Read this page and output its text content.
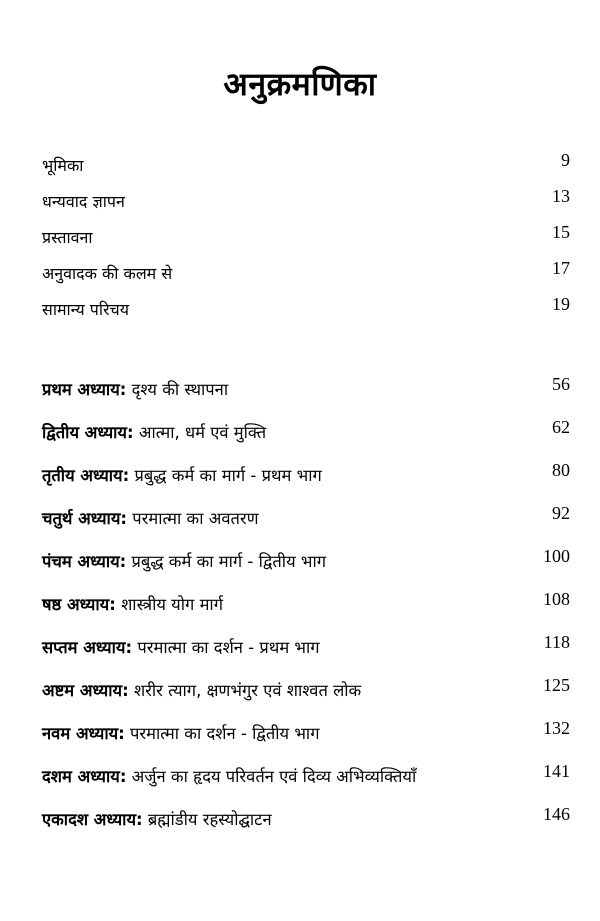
अनुक्रमणिका
भूमिका	9
धन्यवाद ज्ञापन	13
प्रस्तावना	15
अनुवादक की कलम से	17
सामान्य परिचय	19
प्रथम अध्याय: दृश्य की स्थापना	56
द्वितीय अध्याय: आत्मा, धर्म एवं मुक्ति	62
तृतीय अध्याय: प्रबुद्ध कर्म का मार्ग - प्रथम भाग	80
चतुर्थ अध्याय: परमात्मा का अवतरण	92
पंचम अध्याय: प्रबुद्ध कर्म का मार्ग - द्वितीय भाग	100
षष्ठ अध्याय: शास्त्रीय योग मार्ग	108
सप्तम अध्याय: परमात्मा का दर्शन - प्रथम भाग	118
अष्टम अध्याय: शरीर त्याग, क्षणभंगुर एवं शाश्वत लोक	125
नवम अध्याय: परमात्मा का दर्शन - द्वितीय भाग	132
दशम अध्याय: अर्जुन का हृदय परिवर्तन एवं दिव्य अभिव्यक्तियाँ	141
एकादश अध्याय: ब्रह्मांडीय रहस्योद्घाटन	146
